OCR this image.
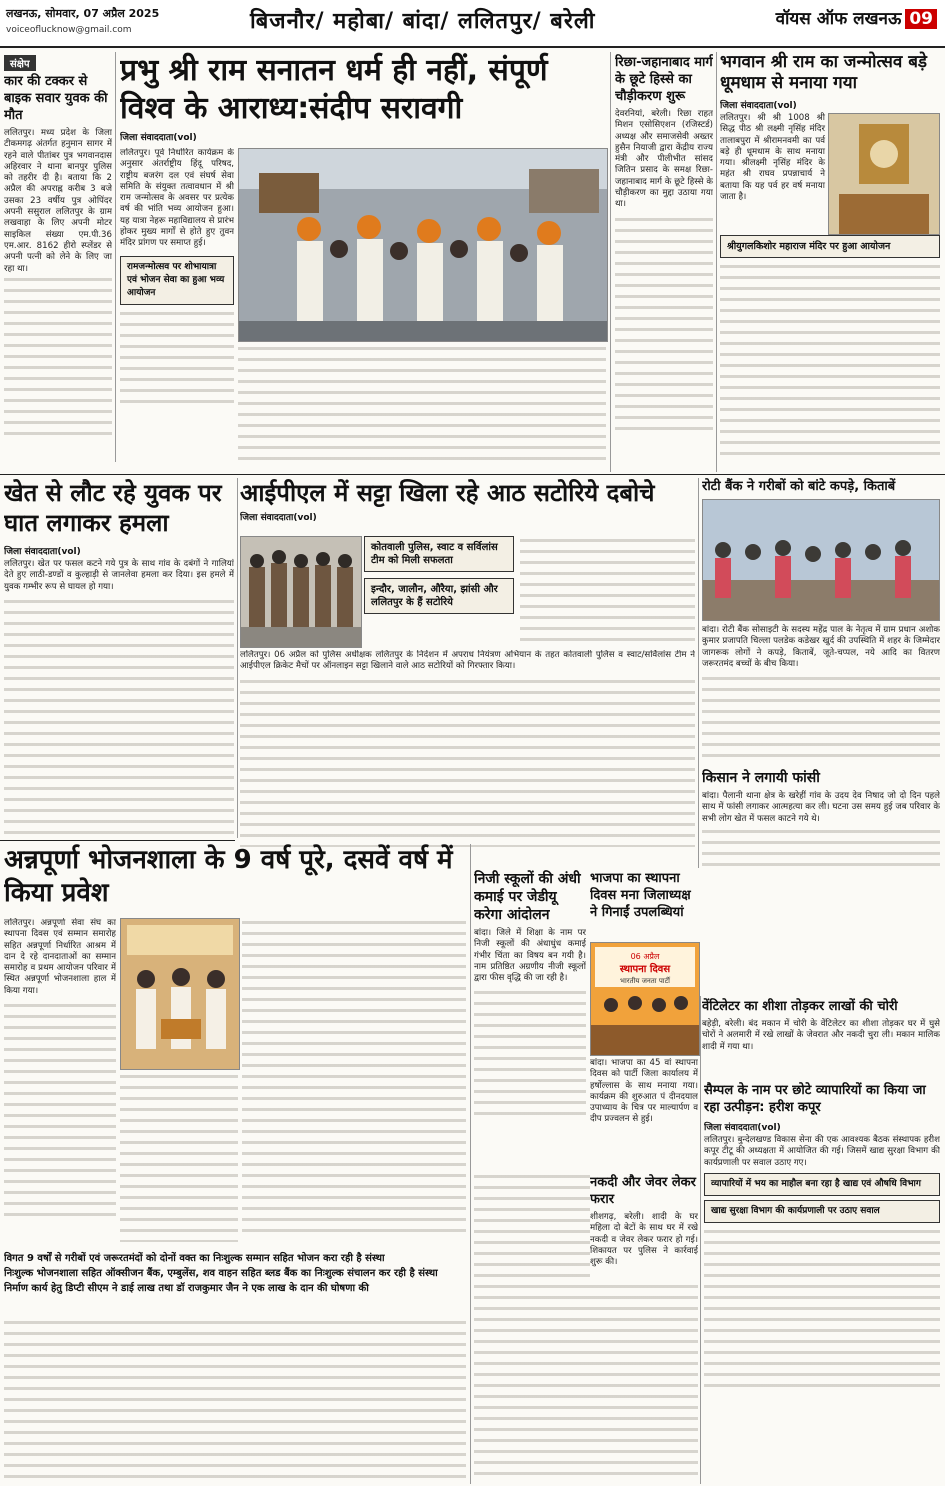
लखनऊ, सोमवार, 07 अप्रैल 2025
voiceoflucknow@gmail.com	बिजनौर/ महोबा/ बांदा/ ललितपुर/ बरेली	वॉयस ऑफ लखनऊ 09
संक्षेप
कार की टक्कर से बाइक सवार युवक की मौत

ललितपुर। मध्य प्रदेश के जिला टीकमगढ़ अंतर्गत हनुमान सागर में रहने वाले पीतांबर पुत्र भगवानदास अहिरवार ने थाना बानपुर पुलिस को तहरीर दी है। बताया कि 2 अप्रैल की अपराह्न करीब 3 बजे उसका 23 वर्षीय पुत्र ओपिंदर अपनी ससुराल ललितपुर के ग्राम लखवाहा के लिए अपनी मोटर साइकिल संख्या एम.पी.36 एम.आर. 8162 हीरो स्प्लेंडर से अपनी पत्नी को लेने के लिए जा रहा था।

प्रभु श्री राम सनातन धर्म ही नहीं, संपूर्ण विश्व के आराध्य:संदीप सरावगी
जिला संवाददाता(vol)

ललितपुर। पूर्व निर्धारित कार्यक्रम के अनुसार अंतर्राष्ट्रीय हिंदू परिषद, राष्ट्रीय बजरंग दल एवं संघर्ष सेवा समिति के संयुक्त तत्वावधान में श्री राम जन्मोत्सव के अवसर पर प्रत्येक वर्ष की भांति भव्य आयोजन हुआ। यह यात्रा नेहरू महाविद्यालय से प्रारंभ होकर मुख्य मार्गों से होते हुए तुवन मंदिर प्रांगण पर समाप्त हुई।

रामजन्मोत्सव पर शोभायात्रा एवं भोजन सेवा का हुआ भव्य आयोजन
रिछा-जहानाबाद मार्ग के छूटे हिस्से का चौड़ीकरण शुरू

देवरनियां, बरेली। रिछा राहत मिशन एसोसिएशन (रजिस्टर्ड) अध्यक्ष और समाजसेवी अख्तर हुसैन नियाजी द्वारा केंद्रीय राज्य मंत्री और पीलीभीत सांसद जितिन प्रसाद के समक्ष रिछा-जहानाबाद मार्ग के छूटे हिस्से के चौड़ीकरण का मुद्दा उठाया गया था।

भगवान श्री राम का जन्मोत्सव बड़े धूमधाम से मनाया गया
जिला संवाददाता(vol)

ललितपुर। श्री श्री 1008 श्री सिद्ध पीठ श्री लक्ष्मी नृसिंह मंदिर तालाबपुरा में श्रीरामनवमी का पर्व बड़े ही धूमधाम के साथ मनाया गया। श्रीलक्ष्मी नृसिंह मंदिर के महंत श्री राघव प्रपन्नाचार्य ने बताया कि यह पर्व हर वर्ष मनाया जाता है।

श्रीयुगलकिशोर महाराज मंदिर पर हुआ आयोजन
खेत से लौट रहे युवक पर घात लगाकर हमला
जिला संवाददाता(vol)

ललितपुर। खेत पर फसल कटने गये पुत्र के साथ गांव के दबंगों ने गालियां देते हुए लाठी-डण्डों व कुल्हाड़ी से जानलेवा हमला कर दिया। इस हमले में युवक गम्भीर रूप से घायल हो गया।

आईपीएल में सट्टा खिला रहे आठ सटोरिये दबोचे
जिला संवाददाता(vol)
कोतवाली पुलिस, स्वाट व सर्विलांस टीम को मिली सफलता
इन्दौर, जालौन, औरैया, झांसी और ललितपुर के हैं सटोरिये

ललितपुर। 06 अप्रैल को पुलिस अधीक्षक ललितपुर के निर्देशन में अपराध नियंत्रण अभियान के तहत कोतवाली पुलिस व स्वाट/सर्विलांस टीम ने आईपीएल क्रिकेट मैचों पर ऑनलाइन सट्टा खिलाने वाले आठ सटोरियों को गिरफ्तार किया।

रोटी बैंक ने गरीबों को बांटे कपड़े, किताबें

बांदा। रोटी बैंक सोसाइटी के सदस्य महेंद्र पाल के नेतृत्व में ग्राम प्रधान अशोक कुमार प्रजापति चिल्ला पलडेक कडेखर खुर्द की उपस्थिति में शहर के जिम्मेदार जागरूक लोगों ने कपड़े, किताबें, जूते-चप्पल, नये आदि का वितरण जरूरतमंद बच्चों के बीच किया।

किसान ने लगायी फांसी

बांदा। पैलानी थाना क्षेत्र के खरेहीं गांव के उदय देव निषाद जो दो दिन पहले साथ में फांसी लगाकर आत्महत्या कर ली। घटना उस समय हुई जब परिवार के सभी लोग खेत में फसल काटने गये थे।

वेंटिलेटर का शीशा तोड़कर लाखों की चोरी

बहेड़ी, बरेली। बंद मकान में चोरी के वेंटिलेटर का शीशा तोड़कर घर में घुसे चोरों ने अलमारी में रखे लाखों के जेवरात और नकदी चुरा ली। मकान मालिक शादी में गया था।

अन्नपूर्णा भोजनशाला के 9 वर्ष पूरे, दसवें वर्ष में किया प्रवेश

ललितपुर। अन्नपूर्णा सेवा संघ का स्थापना दिवस एवं सम्मान समारोह सहित अन्नपूर्णा निर्धारित आश्रम में दान दे रहे दानदाताओं का सम्मान समारोह व प्रथम आयोजन परिवार में स्थित अन्नपूर्णा भोजनशाला हाल में किया गया।

विगत 9 वर्षों से गरीबों एवं जरूरतमंदों को दोनों वक्त का निःशुल्क सम्मान सहित भोजन करा रही है संस्था
निःशुल्क भोजनशाला सहित ऑक्सीजन बैंक, एम्बुलेंस, शव वाहन सहित ब्लड बैंक का निःशुल्क संचालन कर रही है संस्था
निर्माण कार्य हेतु डिप्टी सीएम ने डाई लाख तथा डॉ राजकुमार जैन ने एक लाख के दान की घोषणा की
निजी स्कूलों की अंधी कमाई पर जेडीयू करेगा आंदोलन

बांदा। जिले में शिक्षा के नाम पर निजी स्कूलों की अंधाधुंध कमाई गंभीर चिंता का विषय बन गयी है। नाम प्रतिष्ठित अग्रणीय नीजी स्कूलों द्वारा फीस वृद्धि की जा रही है।

भाजपा का स्थापना दिवस मना जिलाध्यक्ष ने गिनाईं उपलब्धियां
06 अप्रैल
स्थापना दिवस
भारतीय जनता पार्टी

बांदा। भाजपा का 45 वां स्थापना दिवस को पार्टी जिला कार्यालय में हर्षोल्लास के साथ मनाया गया। कार्यक्रम की शुरुआत पं दीनदयाल उपाध्याय के चित्र पर माल्यार्पण व दीप प्रज्वलन से हुई।

सैम्पल के नाम पर छोटे व्यापारियों का किया जा रहा उत्पीड़न: हरीश कपूर
जिला संवाददाता(vol)

ललितपुर। बुन्देलखण्ड विकास सेना की एक आवश्यक बैठक संस्थापक हरीश कपूर टीटू की अध्यक्षता में आयोजित की गई। जिसमें खाद्य सुरक्षा विभाग की कार्यप्रणाली पर सवाल उठाए गए।

व्यापारियों में भय का माहौल बना रहा है खाद्य एवं औषधि विभाग
खाद्य सुरक्षा विभाग की कार्यप्रणाली पर उठाए सवाल
नकदी और जेवर लेकर फरार

शीशगढ़, बरेली। शादी के घर महिला दो बेटों के साथ घर में रखे नकदी व जेवर लेकर फरार हो गई। शिकायत पर पुलिस ने कार्रवाई शुरू की।
